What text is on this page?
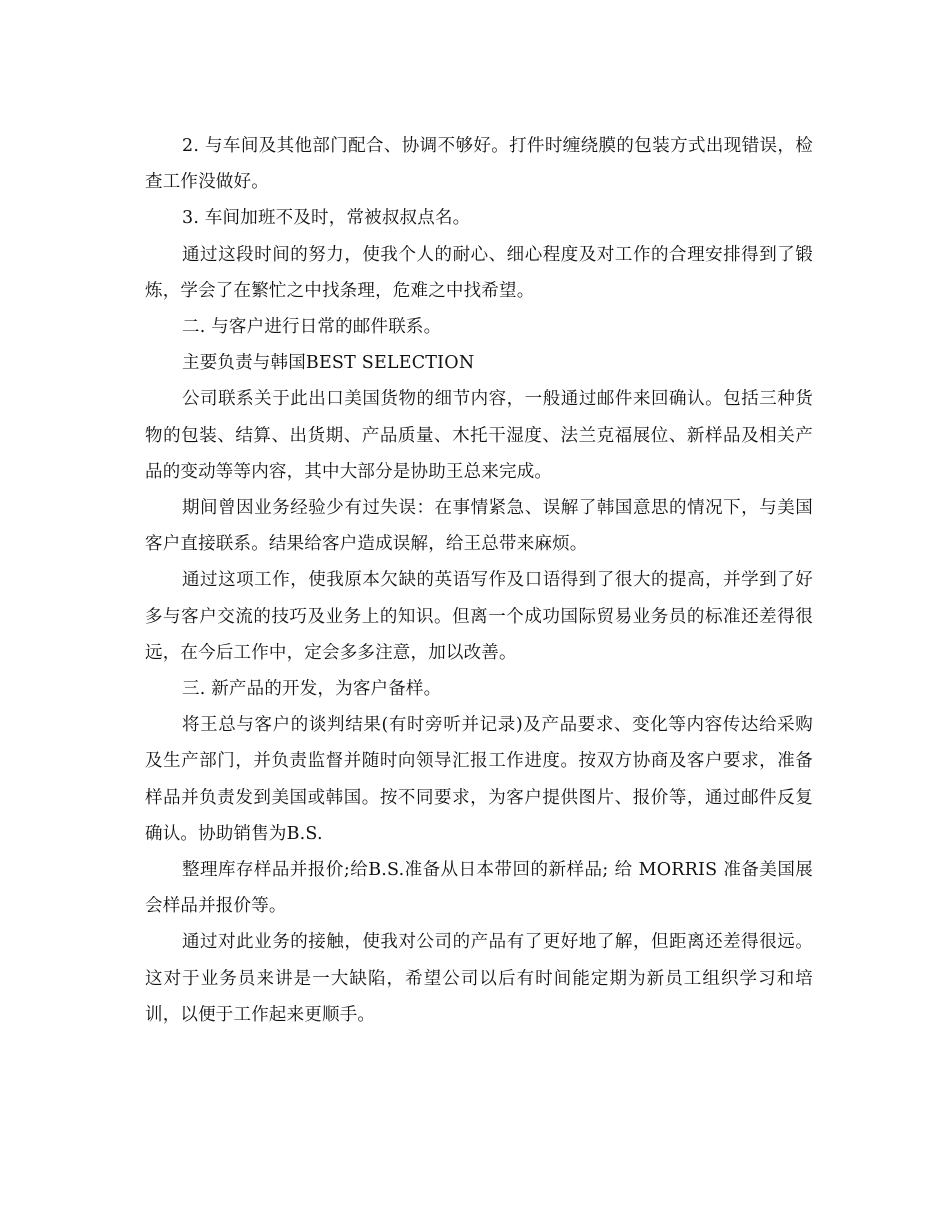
2. 与车间及其他部门配合、协调不够好。打件时缠绕膜的包装方式出现错误，检查工作没做好。

3. 车间加班不及时，常被叔叔点名。

通过这段时间的努力，使我个人的耐心、细心程度及对工作的合理安排得到了锻炼，学会了在繁忙之中找条理，危难之中找希望。

二. 与客户进行日常的邮件联系。

主要负责与韩国BEST SELECTION

公司联系关于此出口美国货物的细节内容，一般通过邮件来回确认。包括三种货物的包装、结算、出货期、产品质量、木托干湿度、法兰克福展位、新样品及相关产品的变动等等内容，其中大部分是协助王总来完成。

期间曾因业务经验少有过失误：在事情紧急、误解了韩国意思的情况下，与美国客户直接联系。结果给客户造成误解，给王总带来麻烦。

通过这项工作，使我原本欠缺的英语写作及口语得到了很大的提高，并学到了好多与客户交流的技巧及业务上的知识。但离一个成功国际贸易业务员的标准还差得很远，在今后工作中，定会多多注意，加以改善。

三. 新产品的开发，为客户备样。

将王总与客户的谈判结果(有时旁听并记录)及产品要求、变化等内容传达给采购及生产部门，并负责监督并随时向领导汇报工作进度。按双方协商及客户要求，准备样品并负责发到美国或韩国。按不同要求，为客户提供图片、报价等，通过邮件反复确认。协助销售为B.S.

整理库存样品并报价;给B.S.准备从日本带回的新样品; 给 MORRIS 准备美国展会样品并报价等。

通过对此业务的接触，使我对公司的产品有了更好地了解，但距离还差得很远。这对于业务员来讲是一大缺陷，希望公司以后有时间能定期为新员工组织学习和培训，以便于工作起来更顺手。
